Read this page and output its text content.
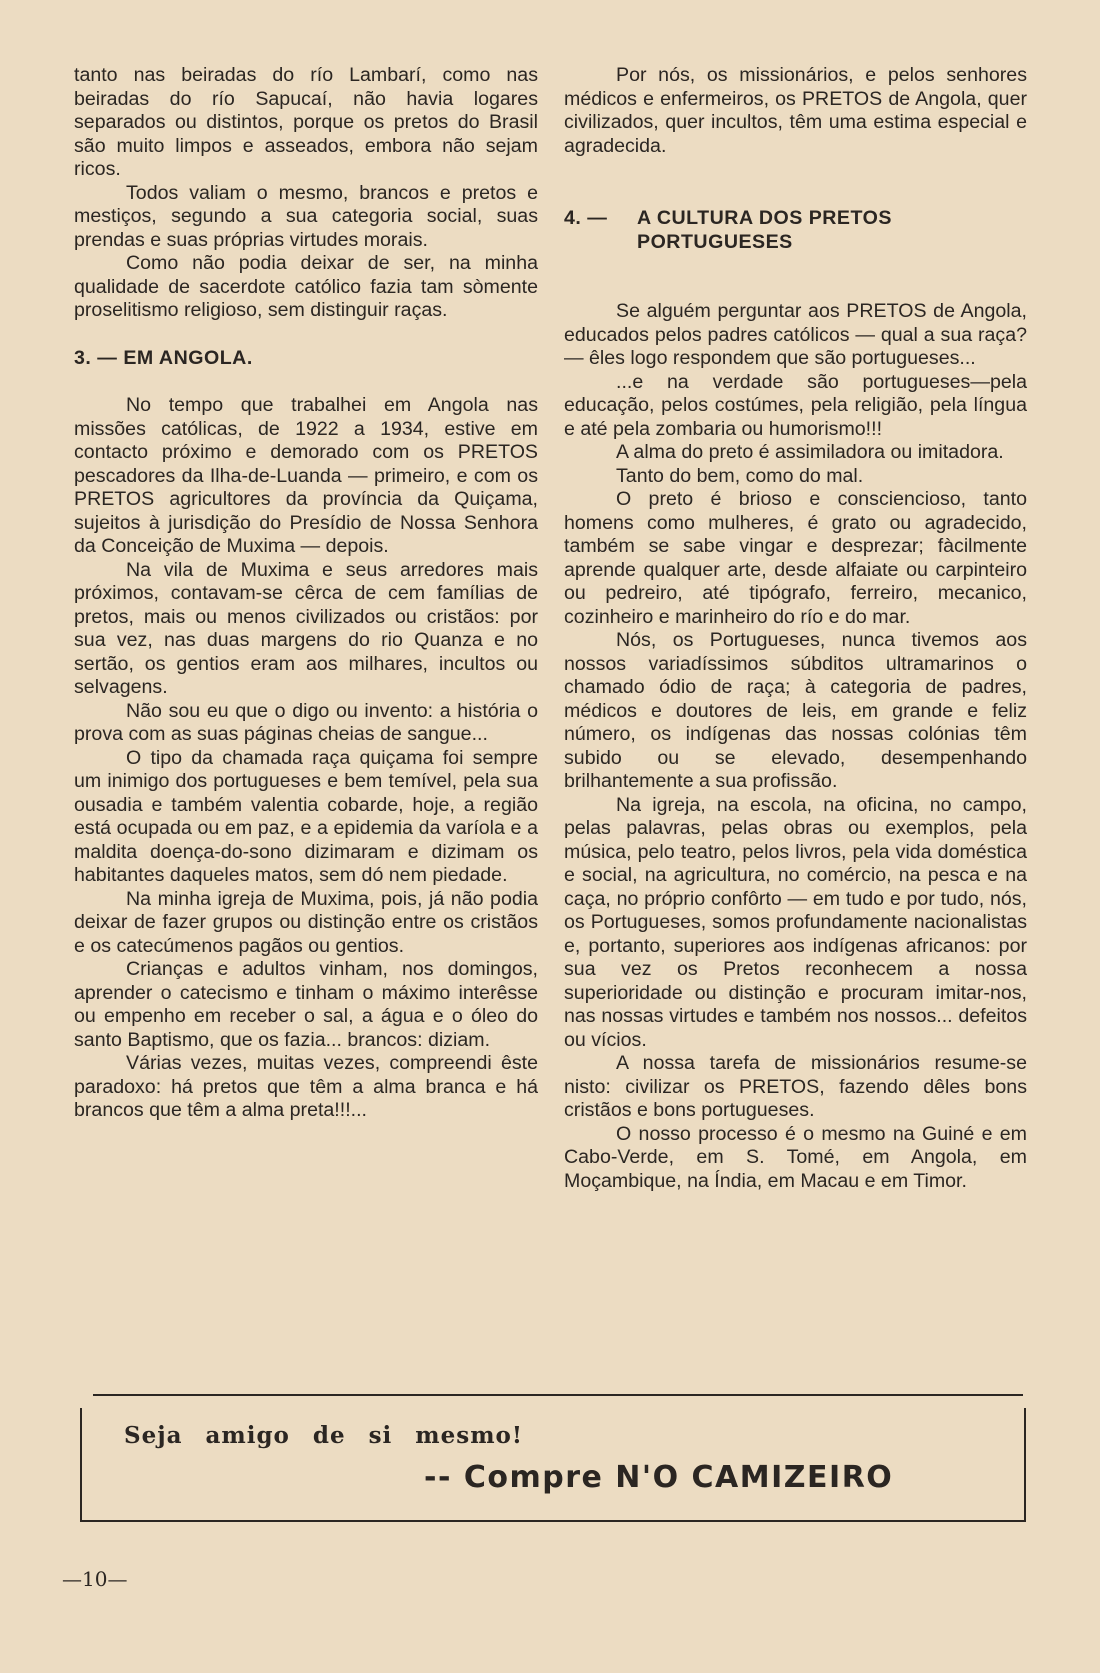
tanto nas beiradas do río Lambarí, como nas beiradas do río Sapucaí, não havia logares separados ou distintos, porque os pretos do Brasil são muito limpos e asseados, embora não sejam ricos.

Todos valiam o mesmo, brancos e pretos e mestiços, segundo a sua categoria social, suas prendas e suas próprias virtudes morais.

Como não podia deixar de ser, na minha qualidade de sacerdote católico fazia tam sòmente proselitismo religioso, sem distinguir raças.

3. — EM ANGOLA.

No tempo que trabalhei em Angola nas missões católicas, de 1922 a 1934, estive em contacto próximo e demorado com os PRETOS pescadores da Ilha-de-Luanda — primeiro, e com os PRETOS agricultores da província da Quiçama, sujeitos à jurisdição do Presídio de Nossa Senhora da Conceição de Muxima — depois.

Na vila de Muxima e seus arredores mais próximos, contavam-se cêrca de cem famílias de pretos, mais ou menos civilizados ou cristãos: por sua vez, nas duas margens do rio Quanza e no sertão, os gentios eram aos milhares, incultos ou selvagens.

Não sou eu que o digo ou invento: a história o prova com as suas páginas cheias de sangue...

O tipo da chamada raça quiçama foi sempre um inimigo dos portugueses e bem temível, pela sua ousadia e também valentia cobarde, hoje, a região está ocupada ou em paz, e a epidemia da varíola e a maldita doença-do-sono dizimaram e dizimam os habitantes daqueles matos, sem dó nem piedade.

Na minha igreja de Muxima, pois, já não podia deixar de fazer grupos ou distinção entre os cristãos e os catecúmenos pagãos ou gentios.

Crianças e adultos vinham, nos domingos, aprender o catecismo e tinham o máximo interêsse ou empenho em receber o sal, a água e o óleo do santo Baptismo, que os fazia... brancos: diziam.

Várias vezes, muitas vezes, compreendi êste paradoxo: há pretos que têm a alma branca e há brancos que têm a alma preta!!!...

Por nós, os missionários, e pelos senhores médicos e enfermeiros, os PRETOS de Angola, quer civilizados, quer incultos, têm uma estima especial e agradecida.

4. —	A CULTURA DOS PRETOS
PORTUGUESES

Se alguém perguntar aos PRETOS de Angola, educados pelos padres católicos — qual a sua raça? — êles logo respondem que são portugueses...

...e na verdade são portugueses—pela educação, pelos costúmes, pela religião, pela língua e até pela zombaria ou humorismo!!!

A alma do preto é assimiladora ou imitadora.

Tanto do bem, como do mal.

O preto é brioso e consciencioso, tanto homens como mulheres, é grato ou agradecido, também se sabe vingar e desprezar; fàcilmente aprende qualquer arte, desde alfaiate ou carpinteiro ou pedreiro, até tipógrafo, ferreiro, mecanico, cozinheiro e marinheiro do río e do mar.

Nós, os Portugueses, nunca tivemos aos nossos variadíssimos súbditos ultramarinos o chamado ódio de raça; à categoria de padres, médicos e doutores de leis, em grande e feliz número, os indígenas das nossas colónias têm subido ou se elevado, desempenhando brilhantemente a sua profissão.

Na igreja, na escola, na oficina, no campo, pelas palavras, pelas obras ou exemplos, pela música, pelo teatro, pelos livros, pela vida doméstica e social, na agricultura, no comércio, na pesca e na caça, no próprio confôrto — em tudo e por tudo, nós, os Portugueses, somos profundamente nacionalistas e, portanto, superiores aos indígenas africanos: por sua vez os Pretos reconhecem a nossa superioridade ou distinção e procuram imitar-nos, nas nossas virtudes e também nos nossos... defeitos ou vícios.

A nossa tarefa de missionários resume-se nisto: civilizar os PRETOS, fazendo dêles bons cristãos e bons portugueses.

O nosso processo é o mesmo na Guiné e em Cabo-Verde, em S. Tomé, em Angola, em Moçambique, na Índia, em Macau e em Timor.

Seja amigo de si mesmo!
-- Compre N'O CAMIZEIRO
—10—
